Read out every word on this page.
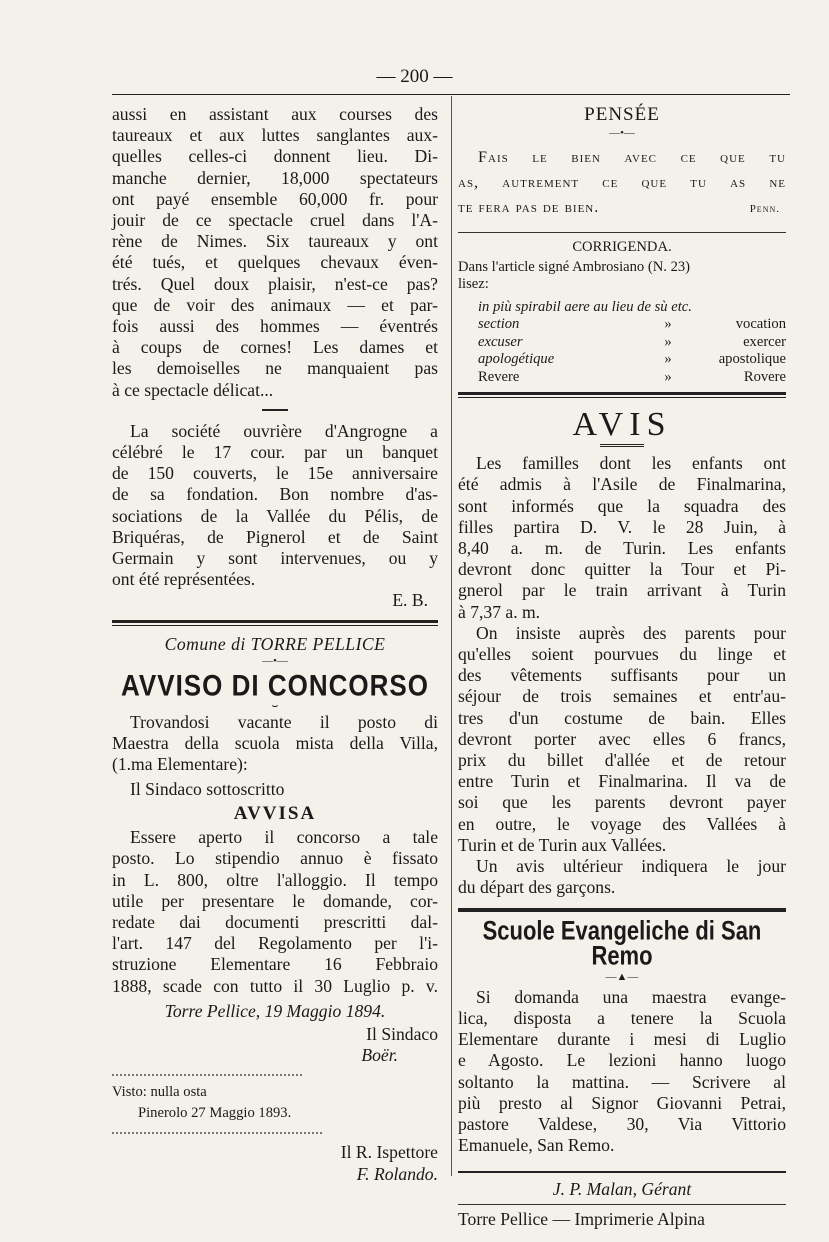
— 200 —
aussi en assistant aux courses des
taureaux et aux luttes sanglantes aux-
quelles celles-ci donnent lieu. Di-
manche dernier, 18,000 spectateurs
ont payé ensemble 60,000 fr. pour
jouir de ce spectacle cruel dans l'A-
rène de Nimes. Six taureaux y ont
été tués, et quelques chevaux éven-
trés. Quel doux plaisir, n'est-ce pas?
que de voir des animaux — et par-
fois aussi des hommes — éventrés
à coups de cornes! Les dames et
les demoiselles ne manquaient pas
à ce spectacle délicat...
La société ouvrière d'Angrogne a
célébré le 17 cour. par un banquet
de 150 couverts, le 15e anniversaire
de sa fondation. Bon nombre d'as-
sociations de la Vallée du Pélis, de
Briquéras, de Pignerol et de Saint
Germain y sont intervenues, ou y
ont été représentées.
E. B.
Comune di TORRE PELLICE
—•—
AVVISO DI CONCORSO
⌣
Trovandosi vacante il posto di
Maestra della scuola mista della Villa,
(1.ma Elementare):
Il Sindaco sottoscritto
AVVISA
Essere aperto il concorso a tale
posto. Lo stipendio annuo è fissato
in L. 800, oltre l'alloggio. Il tempo
utile per presentare le domande, cor-
redate dai documenti prescritti dal-
l'art. 147 del Regolamento per l'i-
struzione Elementare 16 Febbraio
1888, scade con tutto il 30 Luglio p. v.
Torre Pellice, 19 Maggio 1894.
Il Sindaco
Boër.
Visto: nulla osta
Pinerolo 27 Maggio 1893.
Il R. Ispettore
F. Rolando.
PENSÉE
—•—
Fais le bien avec ce que tu
as, autrement ce que tu as ne
te fera pas de bien.	Penn.
CORRIGENDA.
Dans l'article signé Ambrosiano (N. 23)
lisez:
in più spirabil aere au lieu de sù etc.
section	»	vocation
excuser	»	exercer
apologétique	»	apostolique
Revere	»	Rovere
AVIS
Les familles dont les enfants ont
été admis à l'Asile de Finalmarina,
sont informés que la squadra des
filles partira D. V. le 28 Juin, à
8,40 a. m. de Turin. Les enfants
devront donc quitter la Tour et Pi-
gnerol par le train arrivant à Turin
à 7,37 a. m.
On insiste auprès des parents pour
qu'elles soient pourvues du linge et
des vêtements suffisants pour un
séjour de trois semaines et entr'au-
tres d'un costume de bain. Elles
devront porter avec elles 6 francs,
prix du billet d'allée et de retour
entre Turin et Finalmarina. Il va de
soi que les parents devront payer
en outre, le voyage des Vallées à
Turin et de Turin aux Vallées.
Un avis ultérieur indiquera le jour
du départ des garçons.
Scuole Evangeliche di San Remo
—▲—
Si domanda una maestra evange-
lica, disposta a tenere la Scuola
Elementare durante i mesi di Luglio
e Agosto. Le lezioni hanno luogo
soltanto la mattina. — Scrivere al
più presto al Signor Giovanni Petrai,
pastore Valdese, 30, Via Vittorio
Emanuele, San Remo.
J. P. Malan, Gérant
Torre Pellice — Imprimerie Alpina
